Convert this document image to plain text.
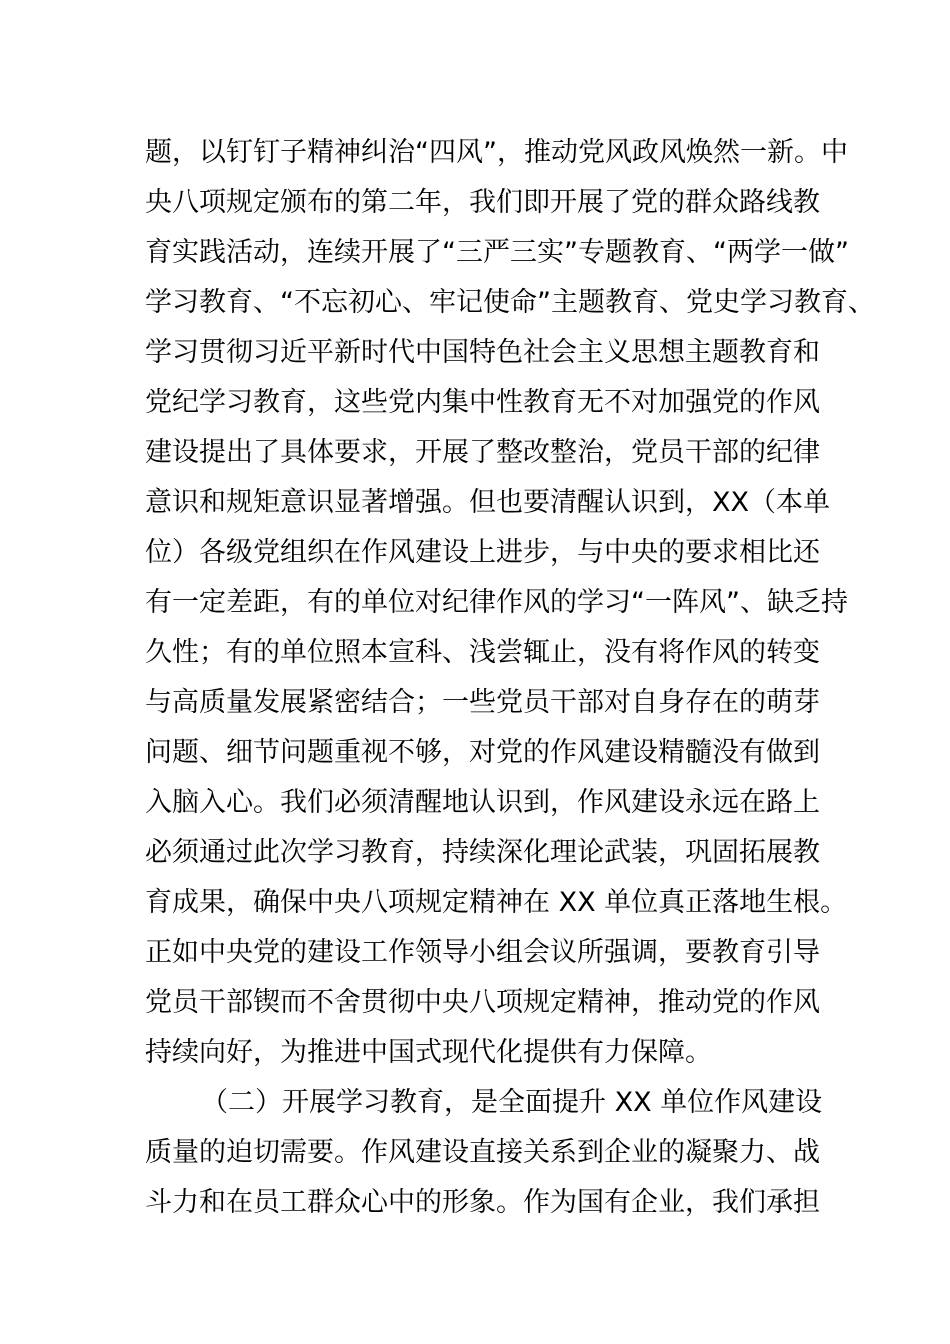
题，以钉钉子精神纠治“四风”，推动党风政风焕然一新。中
央八项规定颁布的第二年，我们即开展了党的群众路线教
育实践活动，连续开展了“三严三实”专题教育、“两学一做”
学习教育、“不忘初心、牢记使命”主题教育、党史学习教育、
学习贯彻习近平新时代中国特色社会主义思想主题教育和
党纪学习教育，这些党内集中性教育无不对加强党的作风
建设提出了具体要求，开展了整改整治，党员干部的纪律
意识和规矩意识显著增强。但也要清醒认识到，XX（本单
位）各级党组织在作风建设上进步，与中央的要求相比还
有一定差距，有的单位对纪律作风的学习“一阵风”、缺乏持
久性；有的单位照本宣科、浅尝辄止，没有将作风的转变
与高质量发展紧密结合；一些党员干部对自身存在的萌芽
问题、细节问题重视不够，对党的作风建设精髓没有做到
入脑入心。我们必须清醒地认识到，作风建设永远在路上
必须通过此次学习教育，持续深化理论武装，巩固拓展教
育成果，确保中央八项规定精神在 XX 单位真正落地生根。
正如中央党的建设工作领导小组会议所强调，要教育引导
党员干部锲而不舍贯彻中央八项规定精神，推动党的作风
持续向好，为推进中国式现代化提供有力保障。
（二）开展学习教育，是全面提升 XX 单位作风建设
质量的迫切需要。作风建设直接关系到企业的凝聚力、战
斗力和在员工群众心中的形象。作为国有企业，我们承担
